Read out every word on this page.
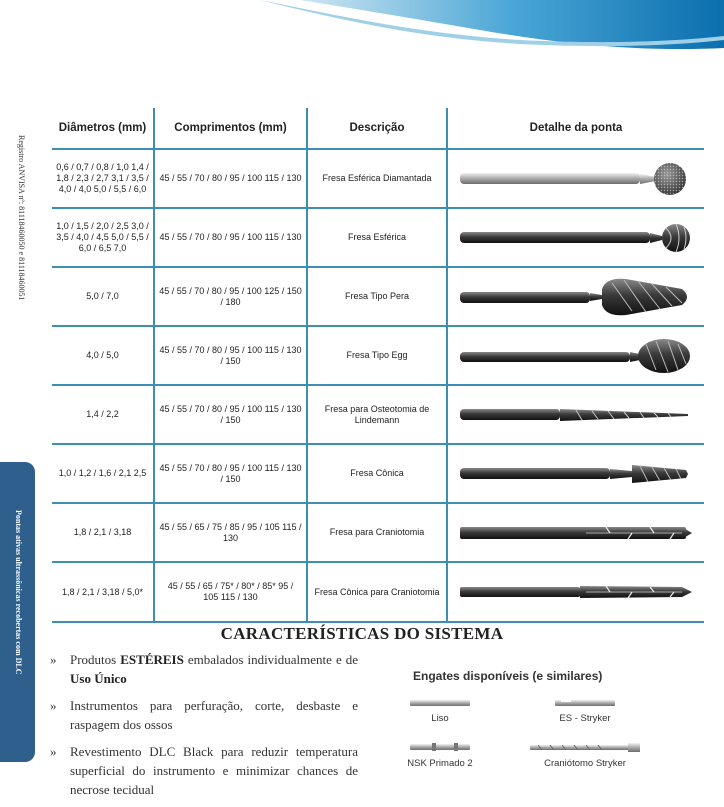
Registro ANVISA nº: 81118460050 e 81118460051
Pontas ativas ultrassônicas recobertas com DLC
Diâmetros (mm)	Comprimentos (mm)	Descrição	Detalhe da ponta
0,6 / 0,7 / 0,8 / 1,0 1,4 / 1,8 / 2,3 / 2,7 3,1 / 3,5 / 4,0 / 4,0 5,0 / 5,5 / 6,0	45 / 55 / 70 / 80 / 95 / 100 115 / 130	Fresa Esférica Diamantada	

1,0 / 1,5 / 2,0 / 2,5 3,0 / 3,5 / 4,0 / 4,5 5,0 / 5,5 / 6,0 / 6,5 7,0	45 / 55 / 70 / 80 / 95 / 100 115 / 130	Fresa Esférica	

5,0 / 7,0	45 / 55 / 70 / 80 / 95 / 100 125 / 150 / 180	Fresa Tipo Pera	

4,0 / 5,0	45 / 55 / 70 / 80 / 95 / 100 115 / 130 / 150	Fresa Tipo Egg	

1,4 / 2,2	45 / 55 / 70 / 80 / 95 / 100 115 / 130 / 150	Fresa para Osteotomia de Lindemann	

1,0 / 1,2 / 1,6 / 2,1 2,5	45 / 55 / 70 / 80 / 95 / 100 115 / 130 / 150	Fresa Cônica	

1,8 / 2,1 / 3,18	45 / 55 / 65 / 75 / 85 / 95 / 105 115 / 130	Fresa para Craniotomia	

1,8 / 2,1 / 3,18 / 5,0*	45 / 55 / 65 / 75* / 80* / 85* 95 / 105 115 / 130	Fresa Cônica para Craniotomia	
CARACTERÍSTICAS DO SISTEMA
» Produtos ESTÉREIS embalados individualmente e de Uso Único
» Instrumentos para perfuração, corte, desbaste e raspagem dos ossos
» Revestimento DLC Black para reduzir temperatura superficial do instrumento e minimizar chances de necrose tecidual
Engates disponíveis (e similares)
Liso	ES - Stryker
NSK Primado 2	Craniótomo Stryker
